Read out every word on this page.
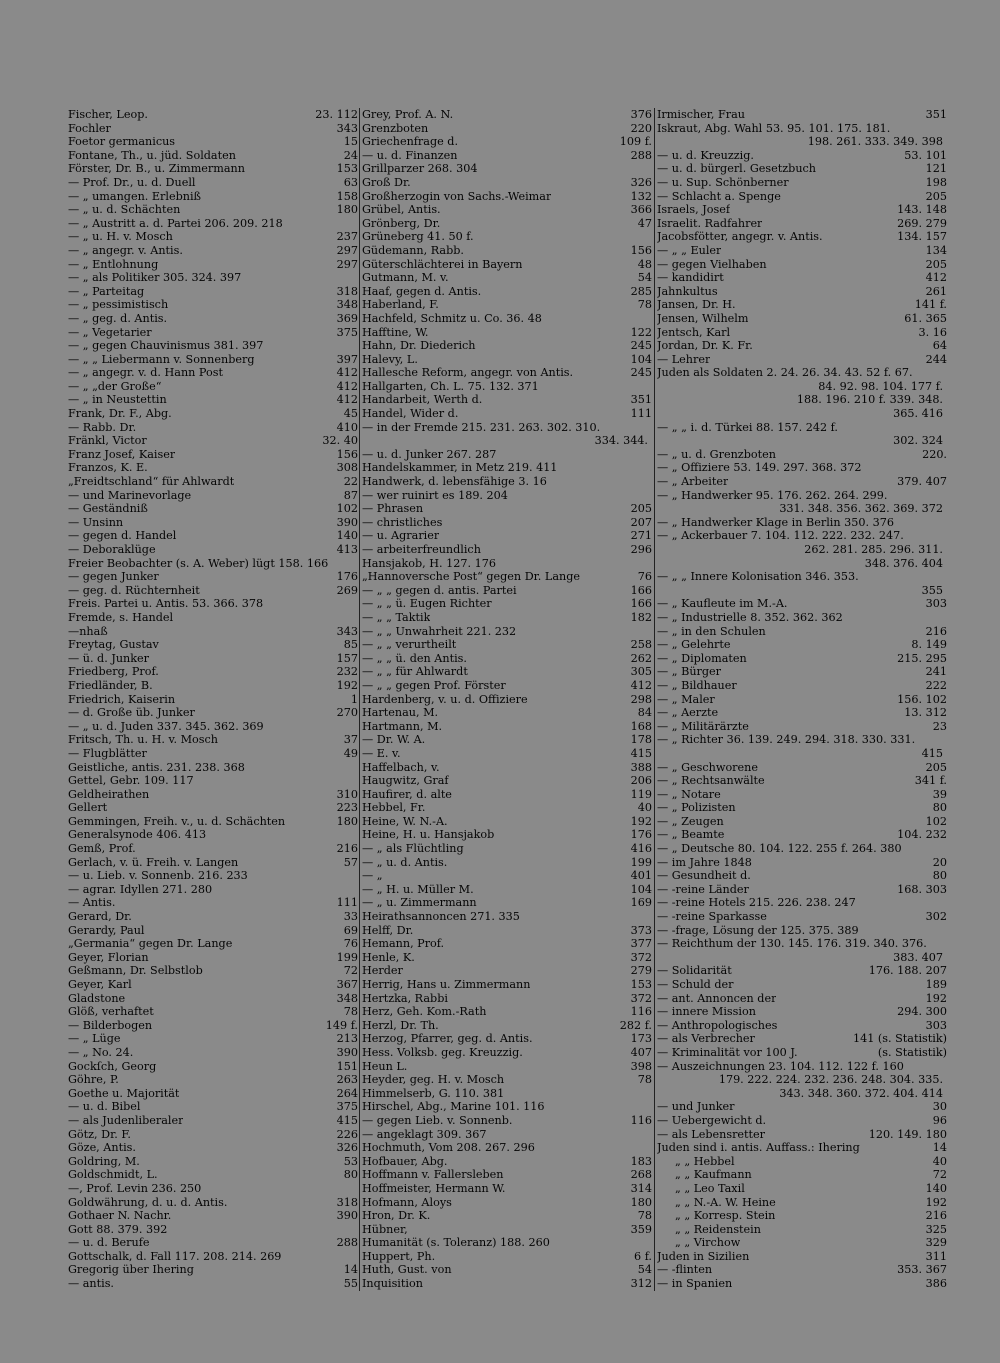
Fischer, Leop.	23. 112
Fochler	343
Foetor germanicus	15
Fontane, Th., u. jüd. Soldaten	24
Förster, Dr. B., u. Zimmermann	153
— Prof. Dr., u. d. Duell	63
— „ umangen. Erlebniß	158
— „ u. d. Schächten	180
— „ Austritt a. d. Partei 206. 209. 218
— „ u. H. v. Mosch	237
— „ angegr. v. Antis.	297
— „ Entlohnung	297
— „ als Politiker 305. 324. 397
— „ Parteitag	318
— „ pessimistisch	348
— „ geg. d. Antis.	369
— „ Vegetarier	375
— „ gegen Chauvinismus 381. 397
— „ „ Liebermann v. Sonnenberg	397
— „ angegr. v. d. Hann Post	412
— „ „der Große“	412
— „ in Neustettin	412
Frank, Dr. F., Abg.	45
— Rabb. Dr.	410
Fränkl, Victor	32. 40
Franz Josef, Kaiser	156
Franzos, K. E.	308
„Freidtschland“ für Ahlwardt	22
— und Marinevorlage	87
— Geständniß	102
— Unsinn	390
— gegen d. Handel	140
— Deboraklüge	413
Freier Beobachter (s. A. Weber) lügt 158. 166
— gegen Junker	176
— geg. d. Rüchternheit	269
Freis. Partei u. Antis. 53. 366. 378
Fremde, s. Handel
—nhaß	343
Freytag, Gustav	85
— ü. d. Junker	157
Friedberg, Prof.	232
Friedländer, B.	192
Friedrich, Kaiserin	1
— d. Große üb. Junker	270
— „ u. d. Juden 337. 345. 362. 369
Fritsch, Th. u. H. v. Mosch	37
— Flugblätter	49
Geistliche, antis. 231. 238. 368
Gettel, Gebr. 109. 117
Geldheirathen	310
Gellert	223
Gemmingen, Freih. v., u. d. Schächten	180
Generalsynode 406. 413
Gemß, Prof.	216
Gerlach, v. ü. Freih. v. Langen	57
— u. Lieb. v. Sonnenb. 216. 233
— agrar. Idyllen 271. 280
— Antis.	111
Gerard, Dr.	33
Gerardy, Paul	69
„Germania“ gegen Dr. Lange	76
Geyer, Florian	199
Geßmann, Dr. Selbstlob	72
Geyer, Karl	367
Gladstone	348
Glöß, verhaftet	78
— Bilderbogen	149 f.
— „ Lüge	213
— „ No. 24.	390
Gockſch, Georg	151
Göhre, P.	263
Goethe u. Majorität	264
— u. d. Bibel	375
— als Judenliberaler	415
Götz, Dr. F.	226
Göze, Antis.	326
Goldring, M.	53
Goldschmidt, L.	80
—, Prof. Levin 236. 250
Goldwährung, d. u. d. Antis.	318
Gothaer N. Nachr.	390
Gott 88. 379. 392
— u. d. Berufe	288
Gottschalk, d. Fall 117. 208. 214. 269
Gregorig über Ihering	14
— antis.	55
Grey, Prof. A. N.	376
Grenzboten	220
Griechenfrage d.	109 f.
— u. d. Finanzen	288
Grillparzer 268. 304
Groß Dr.	326
Großherzogin von Sachs.-Weimar	132
Grübel, Antis.	366
Grönberg, Dr.	47
Grüneberg 41. 50 f.
Güdemann, Rabb.	156
Güterschlächterei in Bayern	48
Gutmann, M. v.	54
Haaf, gegen d. Antis.	285
Haberland, F.	78
Hachfeld, Schmitz u. Co. 36. 48
Hafftine, W.	122
Hahn, Dr. Diederich	245
Halevy, L.	104
Hallesche Reform, angegr. von Antis.	245
Hallgarten, Ch. L. 75. 132. 371
Handarbeit, Werth d.	351
Handel, Wider d.	111
— in der Fremde 215. 231. 263. 302. 310.
334. 344.
— u. d. Junker 267. 287
Handelskammer, in Metz 219. 411
Handwerk, d. lebensfähige 3. 16
— wer ruinirt es 189. 204
— Phrasen	205
— christliches	207
— u. Agrarier	271
— arbeiterfreundlich	296
Hansjakob, H. 127. 176
„Hannoversche Post“ gegen Dr. Lange	76
— „ „ gegen d. antis. Partei	166
— „ „ ü. Eugen Richter	166
— „ „ Taktik	182
— „ „ Unwahrheit 221. 232
— „ „ verurtheilt	258
— „ „ ü. den Antis.	262
— „ „ für Ahlwardt	305
— „ „ gegen Prof. Förster	412
Hardenberg, v. u. d. Offiziere	298
Hartenau, M.	84
Hartmann, M.	168
— Dr. W. A.	178
— E. v.	415
Haffelbach, v.	388
Haugwitz, Graf	206
Haufirer, d. alte	119
Hebbel, Fr.	40
Heine, W. N.-A.	192
Heine, H. u. Hansjakob	176
— „ als Flüchtling	416
— „ u. d. Antis.	199
— „	401
— „ H. u. Müller M.	104
— „ u. Zimmermann	169
Heirathsannoncen 271. 335
Helff, Dr.	373
Hemann, Prof.	377
Henle, K.	372
Herder	279
Herrig, Hans u. Zimmermann	153
Hertzka, Rabbi	372
Herz, Geh. Kom.-Rath	116
Herzl, Dr. Th.	282 f.
Herzog, Pfarrer, geg. d. Antis.	173
Hess. Volksb. geg. Kreuzzig.	407
Heun L.	398
Heyder, geg. H. v. Mosch	78
Himmelserb, G. 110. 381
Hirschel, Abg., Marine 101. 116
— gegen Lieb. v. Sonnenb.	116
— angeklagt 309. 367
Hochmuth, Vom 208. 267. 296
Hofbauer, Abg.	183
Hoffmann v. Fallersleben	268
Hoffmeister, Hermann W.	314
Hofmann, Aloys	180
Hron, Dr. K.	78
Hübner,	359
Humanität (s. Toleranz) 188. 260
Huppert, Ph.	6 f.
Huth, Gust. von	54
Inquisition	312
Irmischer, Frau	351
Iskraut, Abg. Wahl 53. 95. 101. 175. 181.
198. 261. 333. 349. 398
— u. d. Kreuzzig.	53. 101
— u. d. bürgerl. Gesetzbuch	121
— u. Sup. Schönberner	198
— Schlacht a. Spenge	205
Israels, Josef	143. 148
Israelit. Radfahrer	269. 279
Jacobsfötter, angegr. v. Antis.	134. 157
— „ „ Euler	134
— gegen Vielhaben	205
— kandidirt	412
Jahnkultus	261
Jansen, Dr. H.	141 f.
Jensen, Wilhelm	61. 365
Jentsch, Karl	3. 16
Jordan, Dr. K. Fr.	64
— Lehrer	244
Juden als Soldaten 2. 24. 26. 34. 43. 52 f. 67.
84. 92. 98. 104. 177 f.
188. 196. 210 f. 339. 348.
365. 416
— „ „ i. d. Türkei 88. 157. 242 f.
302. 324
— „ u. d. Grenzboten	220.
— „ Offiziere 53. 149. 297. 368. 372
— „ Arbeiter	379. 407
— „ Handwerker 95. 176. 262. 264. 299.
331. 348. 356. 362. 369. 372
— „ Handwerker Klage in Berlin 350. 376
— „ Ackerbauer 7. 104. 112. 222. 232. 247.
262. 281. 285. 296. 311.
348. 376. 404
— „ „ Innere Kolonisation 346. 353.
355
— „ Kaufleute im M.-A.	303
— „ Industrielle 8. 352. 362. 362
— „ in den Schulen	216
— „ Gelehrte	8. 149
— „ Diplomaten	215. 295
— „ Bürger	241
— „ Bildhauer	222
— „ Maler	156. 102
— „ Aerzte	13. 312
— „ Militärärzte	23
— „ Richter 36. 139. 249. 294. 318. 330. 331.
415
— „ Geschworene	205
— „ Rechtsanwälte	341 f.
— „ Notare	39
— „ Polizisten	80
— „ Zeugen	102
— „ Beamte	104. 232
— „ Deutsche 80. 104. 122. 255 f. 264. 380
— im Jahre 1848	20
— Gesundheit d.	80
— -reine Länder	168. 303
— -reine Hotels 215. 226. 238. 247
— -reine Sparkasse	302
— -frage, Lösung der 125. 375. 389
— Reichthum der 130. 145. 176. 319. 340. 376.
383. 407
— Solidarität	176. 188. 207
— Schuld der	189
— ant. Annoncen der	192
— innere Mission	294. 300
— Anthropologisches	303
— als Verbrecher	141 (s. Statistik)
— Kriminalität vor 100 J.	(s. Statistik)
— Auszeichnungen 23. 104. 112. 122 f. 160
179. 222. 224. 232. 236. 248. 304. 335.
343. 348. 360. 372. 404. 414
— und Junker	30
— Uebergewicht d.	96
— als Lebensretter	120. 149. 180
Juden sind i. antis. Auffass.: Ihering	14
„ „ Hebbel	40
„ „ Kaufmann	72
„ „ Leo Taxil	140
„ „ N.-A. W. Heine	192
„ „ Korresp. Stein	216
„ „ Reidenstein	325
„ „ Virchow	329
Juden in Sizilien	311
— -flinten	353. 367
— in Spanien	386
